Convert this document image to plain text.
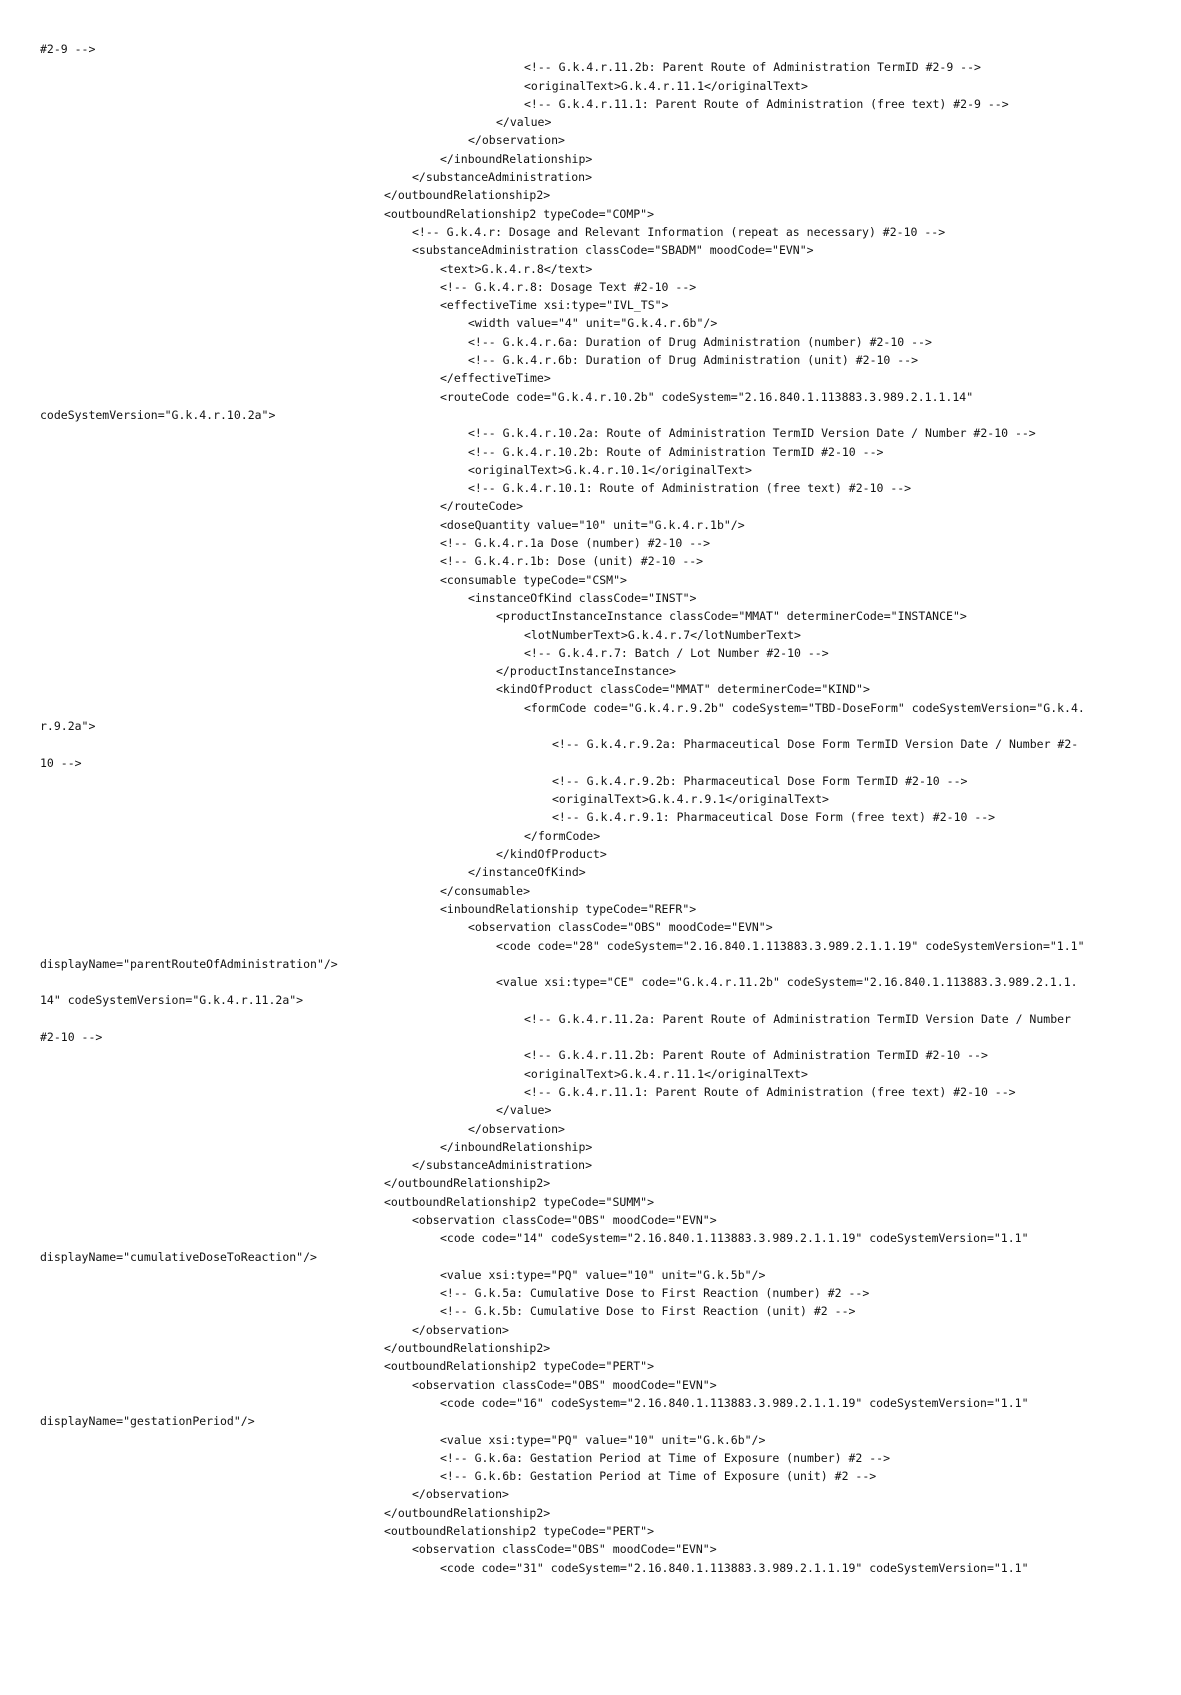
#2-9 -->
<!-- G.k.4.r.11.2b: Parent Route of Administration TermID #2-9 -->
<originalText>G.k.4.r.11.1</originalText>
<!-- G.k.4.r.11.1: Parent Route of Administration (free text) #2-9 -->
</value>
</observation>
</inboundRelationship>
</substanceAdministration>
</outboundRelationship2>
<outboundRelationship2 typeCode="COMP">
<!-- G.k.4.r: Dosage and Relevant Information (repeat as necessary) #2-10 -->
<substanceAdministration classCode="SBADM" moodCode="EVN">
<text>G.k.4.r.8</text>
<!-- G.k.4.r.8: Dosage Text #2-10 -->
<effectiveTime xsi:type="IVL_TS">
<width value="4" unit="G.k.4.r.6b"/>
<!-- G.k.4.r.6a: Duration of Drug Administration (number) #2-10 -->
<!-- G.k.4.r.6b: Duration of Drug Administration (unit) #2-10 -->
</effectiveTime>
<routeCode code="G.k.4.r.10.2b" codeSystem="2.16.840.1.113883.3.989.2.1.1.14"
codeSystemVersion="G.k.4.r.10.2a">
<!-- G.k.4.r.10.2a: Route of Administration TermID Version Date / Number #2-10 -->
<!-- G.k.4.r.10.2b: Route of Administration TermID #2-10 -->
<originalText>G.k.4.r.10.1</originalText>
<!-- G.k.4.r.10.1: Route of Administration (free text) #2-10 -->
</routeCode>
<doseQuantity value="10" unit="G.k.4.r.1b"/>
<!-- G.k.4.r.1a Dose (number) #2-10 -->
<!-- G.k.4.r.1b: Dose (unit) #2-10 -->
<consumable typeCode="CSM">
<instanceOfKind classCode="INST">
<productInstanceInstance classCode="MMAT" determinerCode="INSTANCE">
<lotNumberText>G.k.4.r.7</lotNumberText>
<!-- G.k.4.r.7: Batch / Lot Number #2-10 -->
</productInstanceInstance>
<kindOfProduct classCode="MMAT" determinerCode="KIND">
<formCode code="G.k.4.r.9.2b" codeSystem="TBD-DoseForm" codeSystemVersion="G.k.4.
r.9.2a">
<!-- G.k.4.r.9.2a: Pharmaceutical Dose Form TermID Version Date / Number #2-
10 -->
<!-- G.k.4.r.9.2b: Pharmaceutical Dose Form TermID #2-10 -->
<originalText>G.k.4.r.9.1</originalText>
<!-- G.k.4.r.9.1: Pharmaceutical Dose Form (free text) #2-10 -->
</formCode>
</kindOfProduct>
</instanceOfKind>
</consumable>
<inboundRelationship typeCode="REFR">
<observation classCode="OBS" moodCode="EVN">
<code code="28" codeSystem="2.16.840.1.113883.3.989.2.1.1.19" codeSystemVersion="1.1"
displayName="parentRouteOfAdministration"/>
<value xsi:type="CE" code="G.k.4.r.11.2b" codeSystem="2.16.840.1.113883.3.989.2.1.1.
14" codeSystemVersion="G.k.4.r.11.2a">
<!-- G.k.4.r.11.2a: Parent Route of Administration TermID Version Date / Number
#2-10 -->
<!-- G.k.4.r.11.2b: Parent Route of Administration TermID #2-10 -->
<originalText>G.k.4.r.11.1</originalText>
<!-- G.k.4.r.11.1: Parent Route of Administration (free text) #2-10 -->
</value>
</observation>
</inboundRelationship>
</substanceAdministration>
</outboundRelationship2>
<outboundRelationship2 typeCode="SUMM">
<observation classCode="OBS" moodCode="EVN">
<code code="14" codeSystem="2.16.840.1.113883.3.989.2.1.1.19" codeSystemVersion="1.1"
displayName="cumulativeDoseToReaction"/>
<value xsi:type="PQ" value="10" unit="G.k.5b"/>
<!-- G.k.5a: Cumulative Dose to First Reaction (number) #2 -->
<!-- G.k.5b: Cumulative Dose to First Reaction (unit) #2 -->
</observation>
</outboundRelationship2>
<outboundRelationship2 typeCode="PERT">
<observation classCode="OBS" moodCode="EVN">
<code code="16" codeSystem="2.16.840.1.113883.3.989.2.1.1.19" codeSystemVersion="1.1"
displayName="gestationPeriod"/>
<value xsi:type="PQ" value="10" unit="G.k.6b"/>
<!-- G.k.6a: Gestation Period at Time of Exposure (number) #2 -->
<!-- G.k.6b: Gestation Period at Time of Exposure (unit) #2 -->
</observation>
</outboundRelationship2>
<outboundRelationship2 typeCode="PERT">
<observation classCode="OBS" moodCode="EVN">
<code code="31" codeSystem="2.16.840.1.113883.3.989.2.1.1.19" codeSystemVersion="1.1"
